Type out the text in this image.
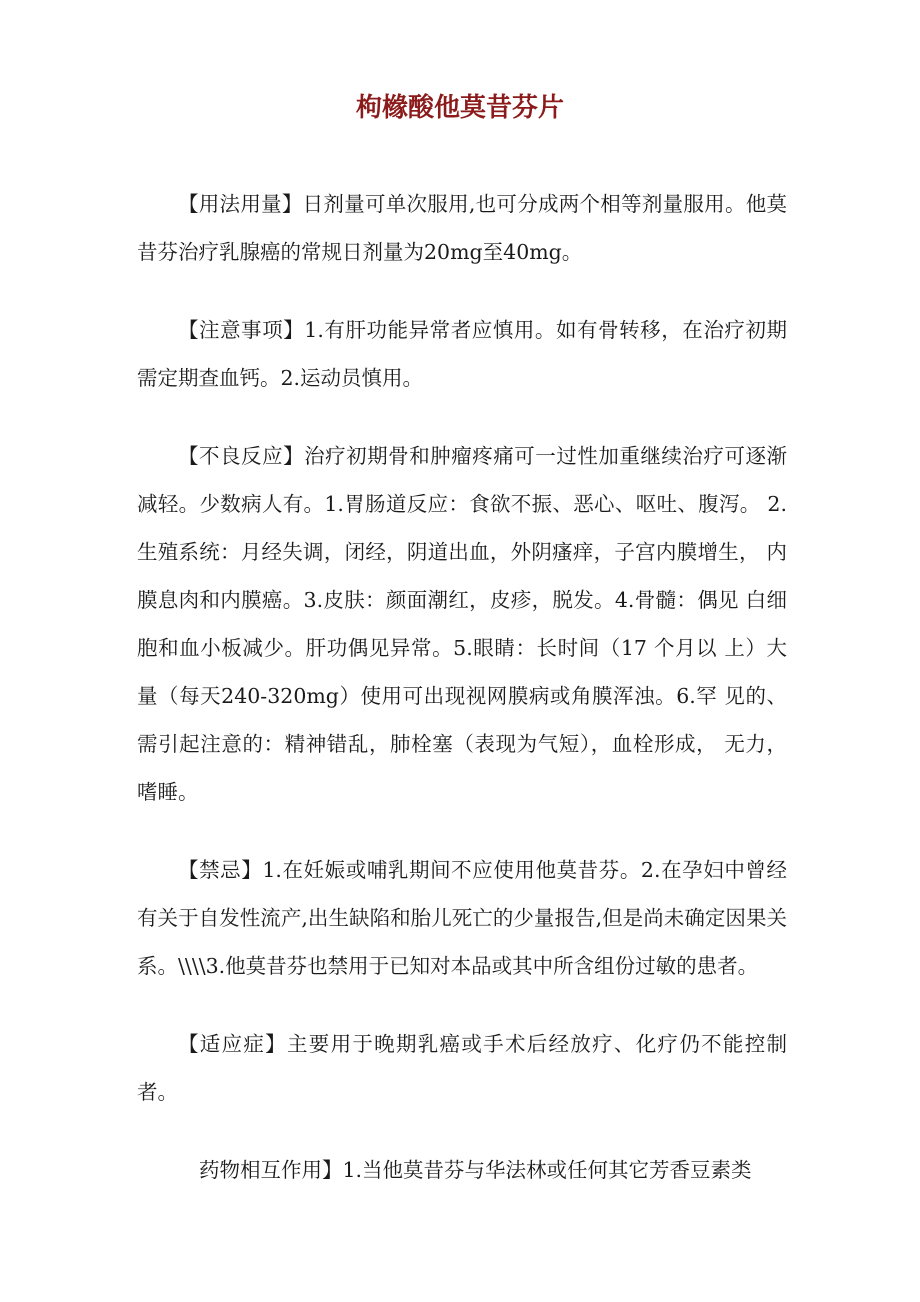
枸橼酸他莫昔芬片

【用法用量】日剂量可单次服用,也可分成两个相等剂量服用。他莫昔芬治疗乳腺癌的常规日剂量为20mg至40mg。

【注意事项】1.有肝功能异常者应慎用。如有骨转移，在治疗初期需定期查血钙。2.运动员慎用。

【不良反应】治疗初期骨和肿瘤疼痛可一过性加重继续治疗可逐渐减轻。少数病人有。1.胃肠道反应：食欲不振、恶心、呕吐、腹泻。 2.生殖系统：月经失调，闭经，阴道出血，外阴瘙痒，子宫内膜增生， 内膜息肉和内膜癌。3.皮肤：颜面潮红，皮疹，脱发。4.骨髓：偶见 白细胞和血小板减少。肝功偶见异常。5.眼睛：长时间（17 个月以 上）大量（每天240-320mg）使用可出现视网膜病或角膜浑浊。6.罕 见的、需引起注意的：精神错乱，肺栓塞（表现为气短），血栓形成， 无力，嗜睡。

【禁忌】1.在妊娠或哺乳期间不应使用他莫昔芬。2.在孕妇中曾经有关于自发性流产,出生缺陷和胎儿死亡的少量报告,但是尚未确定因果关系。\\\\3.他莫昔芬也禁用于已知对本品或其中所含组份过敏的患者。

【适应症】主要用于晚期乳癌或手术后经放疗、化疗仍不能控制者。

药物相互作用】1.当他莫昔芬与华法林或任何其它芳香豆素类
